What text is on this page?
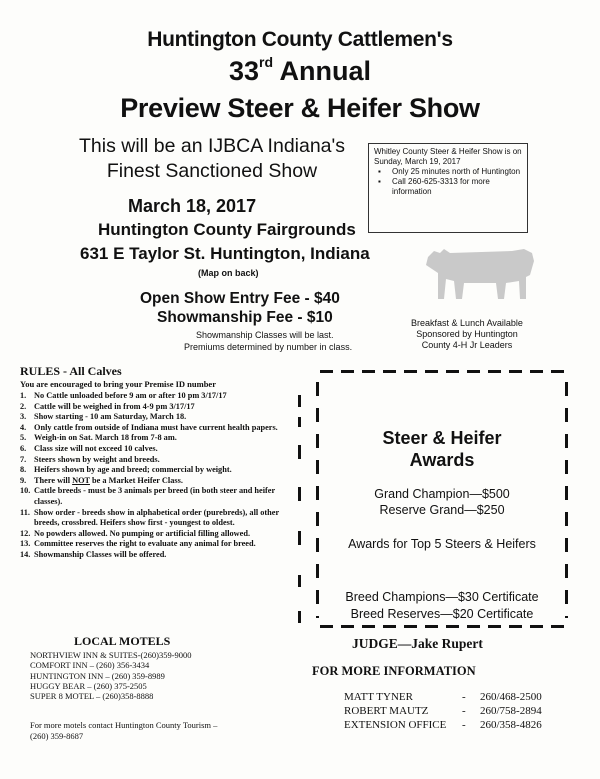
Huntington County Cattlemen's
33rd Annual
Preview Steer & Heifer Show
This will be an IJBCA Indiana's
Finest Sanctioned Show
Whitley County Steer & Heifer Show is on Sunday, March 19, 2017
▪ Only 25 minutes north of Huntington
▪ Call 260-625-3313 for more information
March 18, 2017
Huntington County Fairgrounds
631 E Taylor St. Huntington, Indiana
(Map on back)
Open Show Entry Fee - $40
Showmanship Fee - $10
Showmanship Classes will be last.
Premiums determined by number in class.
Breakfast & Lunch Available
Sponsored by Huntington
County 4-H Jr Leaders
RULES - All Calves
You are encouraged to bring your Premise ID number
1. No Cattle unloaded before 9 am or after 10 pm 3/17/17
2. Cattle will be weighed in from 4-9 pm 3/17/17
3. Show starting - 10 am Saturday, March 18.
4. Only cattle from outside of Indiana must have current health papers.
5. Weigh-in on Sat. March 18 from 7-8 am.
6. Class size will not exceed 10 calves.
7. Steers shown by weight and breeds.
8. Heifers shown by age and breed; commercial by weight.
9. There will NOT be a Market Heifer Class.
10. Cattle breeds - must be 3 animals per breed (in both steer and heifer classes).
11. Show order - breeds show in alphabetical order (purebreds), all other breeds, crossbred. Heifers show first - youngest to oldest.
12. No powders allowed. No pumping or artificial filling allowed.
13. Committee reserves the right to evaluate any animal for breed.
14. Showmanship Classes will be offered.
Steer & Heifer
Awards
Grand Champion—$500
Reserve Grand—$250
Awards for Top 5 Steers & Heifers
Breed Champions—$30 Certificate
Breed Reserves—$20 Certificate
LOCAL MOTELS
NORTHVIEW INN & SUITES-(260)359-9000
COMFORT INN – (260) 356-3434
HUNTINGTON INN – (260) 359-8989
HUGGY BEAR – (260) 375-2505
SUPER 8 MOTEL – (260)358-8888
For more motels contact Huntington County Tourism – (260) 359-8687
JUDGE—Jake Rupert
FOR MORE INFORMATION
MATT TYNER	-	260/468-2500
ROBERT MAUTZ	-	260/758-2894
EXTENSION OFFICE	-	260/358-4826
